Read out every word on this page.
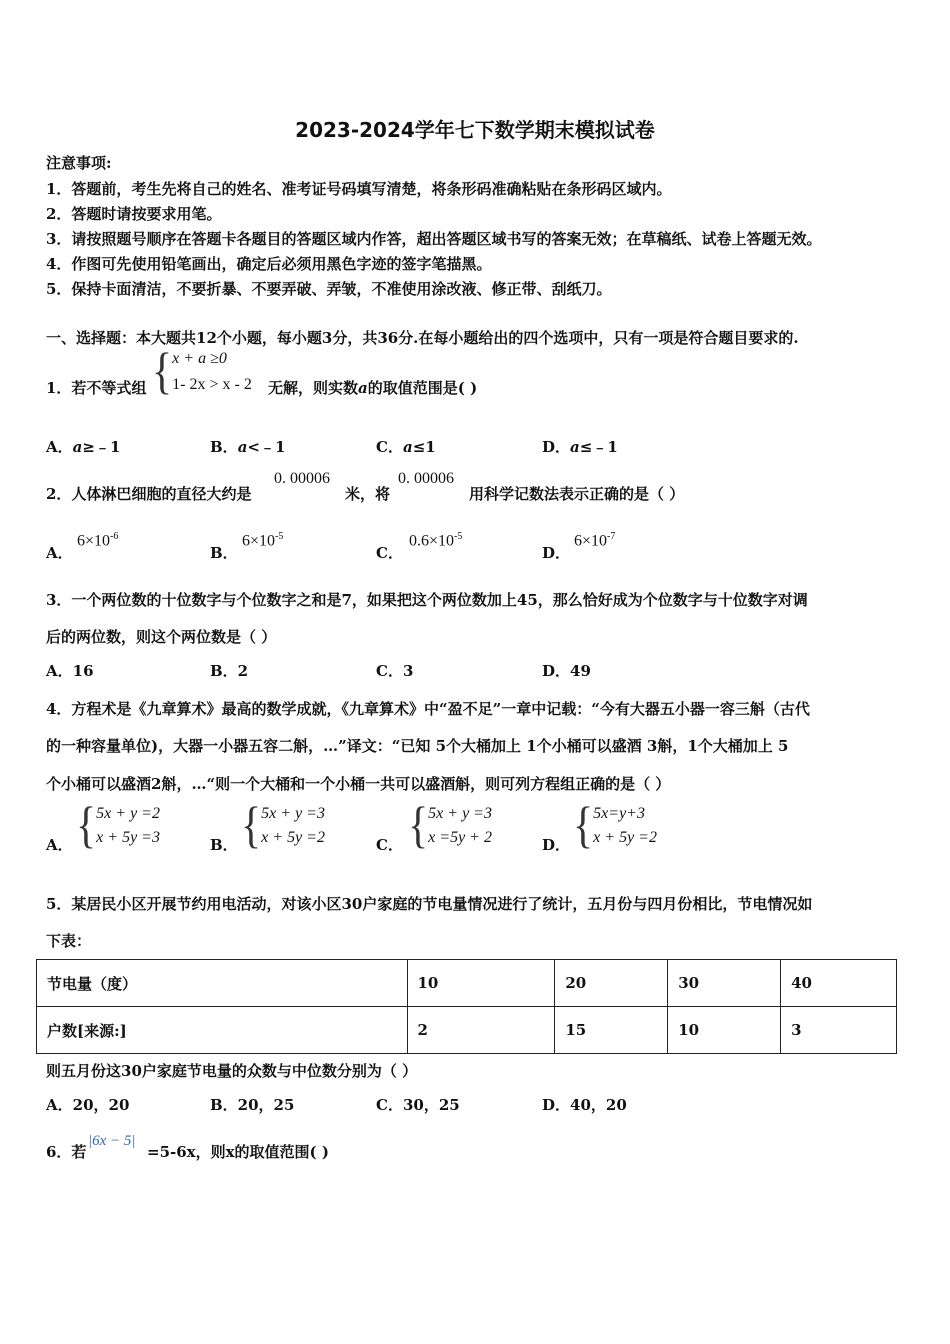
2023-2024学年七下数学期末模拟试卷
注意事项:
1．答题前，考生先将自己的姓名、准考证号码填写清楚，将条形码准确粘贴在条形码区域内。
2．答题时请按要求用笔。
3．请按照题号顺序在答题卡各题目的答题区域内作答，超出答题区域书写的答案无效；在草稿纸、试卷上答题无效。
4．作图可先使用铅笔画出，确定后必须用黑色字迹的签字笔描黑。
5．保持卡面清洁，不要折暴、不要弄破、弄皱，不准使用涂改液、修正带、刮纸刀。
一、选择题：本大题共12个小题，每小题3分，共36分.在每小题给出的四个选项中，只有一项是符合题目要求的.
1．若不等式组 { x + a ≥0
1- 2x > x - 2 无解，则实数a的取值范围是( )
A．a≥﹣1	B．a<﹣1	C．a≤1	D．a≤﹣1
2．人体淋巴细胞的直径大约是
0. 00006
米，将
0. 00006
用科学记数法表示正确的是（ ）
A．
$6\times 10^{-6}$
B．
$6\times 10^{-5}$
C．
$0.6\times 10^{-5}$
D．
$6\times 10^{-7}$
3．一个两位数的十位数字与个位数字之和是7，如果把这个两位数加上45，那么恰好成为个位数字与十位数字对调
后的两位数，则这个两位数是（ ）
A．16	B．2	C．3	D．49
4．方程术是《九章算术》最高的数学成就，《九章算术》中“盈不足”一章中记载：“今有大器五小器一容三斛（古代
的一种容量单位)，大器一小器五容二斛，…”译文：“已知 5个大桶加上 1个小桶可以盛酒 3斛，1个大桶加上 5
个小桶可以盛酒2斛，…“则一个大桶和一个小桶一共可以盛酒斛，则可列方程组正确的是（ ）
A． { 5x + y =2
x + 5y =3	B． { 5x + y =3
x + 5y =2	C． { 5x + y =3
x =5y + 2	D． { 5x=y+3
x + 5y =2
5．某居民小区开展节约用电活动，对该小区30户家庭的节电量情况进行了统计，五月份与四月份相比，节电情况如
下表：
节电量（度）	10	20	30	40
户数[来源:]	2	15	10	3
则五月份这30户家庭节电量的众数与中位数分别为（ ）
A．20，20	B．20，25	C．30，25	D．40，20
6．若
|6x − 5|
=5-6x，则x的取值范围( )
